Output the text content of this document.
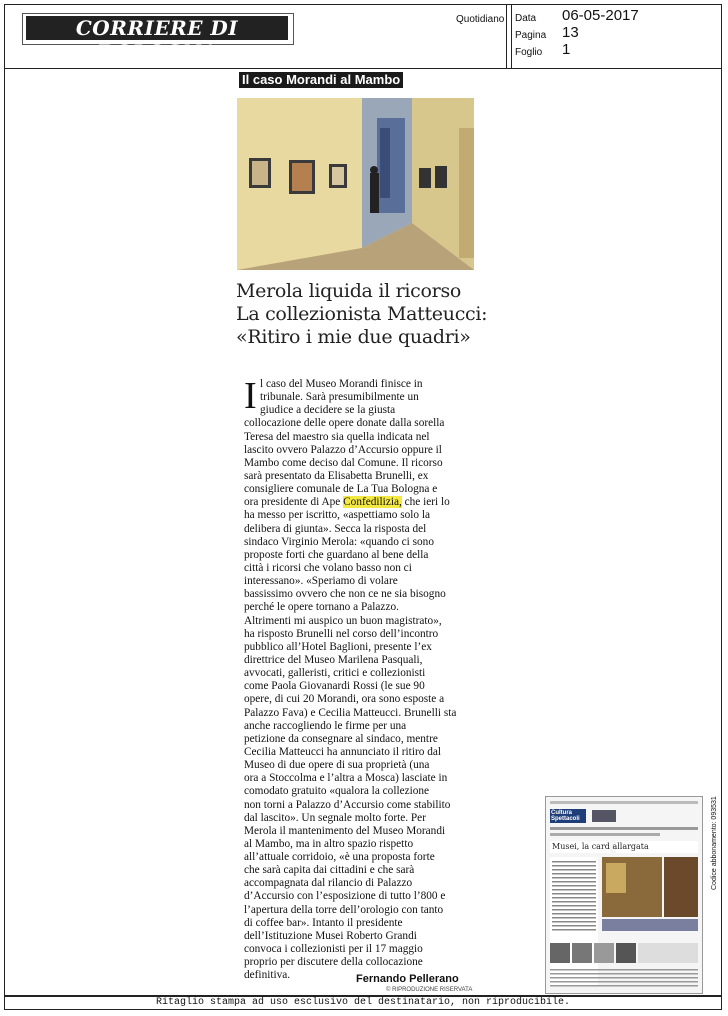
CORRIERE DI BOLOGNA
Quotidiano Data 06-05-2017
Pagina 13
Foglio 1
Il caso Morandi al Mambo
Merola liquida il ricorso
La collezionista Matteucci:
«Ritiro i mie due quadri»
I l caso del Museo Morandi finisce in
tribunale. Sarà presumibilmente un
giudice a decidere se la giusta
collocazione delle opere donate dalla sorella
Teresa del maestro sia quella indicata nel
lascito ovvero Palazzo d’Accursio oppure il
Mambo come deciso dal Comune. Il ricorso
sarà presentato da Elisabetta Brunelli, ex
consigliere comunale de La Tua Bologna e
ora presidente di Ape Confedilizia, che ieri lo
ha messo per iscritto, «aspettiamo solo la
delibera di giunta». Secca la risposta del
sindaco Virginio Merola: «quando ci sono
proposte forti che guardano al bene della
città i ricorsi che volano basso non ci
interessano». «Speriamo di volare
bassissimo ovvero che non ce ne sia bisogno
perché le opere tornano a Palazzo.
Altrimenti mi auspico un buon magistrato»,
ha risposto Brunelli nel corso dell’incontro
pubblico all’Hotel Baglioni, presente l’ex
direttrice del Museo Marilena Pasquali,
avvocati, galleristi, critici e collezionisti
come Paola Giovanardi Rossi (le sue 90
opere, di cui 20 Morandi, ora sono esposte a
Palazzo Fava) e Cecilia Matteucci. Brunelli sta
anche raccogliendo le firme per una
petizione da consegnare al sindaco, mentre
Cecilia Matteucci ha annunciato il ritiro dal
Museo di due opere di sua proprietà (una
ora a Stoccolma e l’altra a Mosca) lasciate in
comodato gratuito «qualora la collezione
non torni a Palazzo d’Accursio come stabilito
dal lascito». Un segnale molto forte. Per
Merola il mantenimento del Museo Morandi
al Mambo, ma in altro spazio rispetto
all’attuale corridoio, «è una proposta forte
che sarà capita dai cittadini e che sarà
accompagnata dal rilancio di Palazzo
d’Accursio con l’esposizione di tutto l’800 e
l’apertura della torre dell’orologio con tanto
di coffee bar». Intanto il presidente
dell’Istituzione Musei Roberto Grandi
convoca i collezionisti per il 17 maggio
proprio per discutere della collocazione
definitiva.	Fernando Pellerano
© RIPRODUZIONE RISERVATA
Cultura Spettacoli
Musei, la card allargata	Codice abbonamento: 093531
Ritaglio stampa ad uso esclusivo del destinatario, non riproducibile.
